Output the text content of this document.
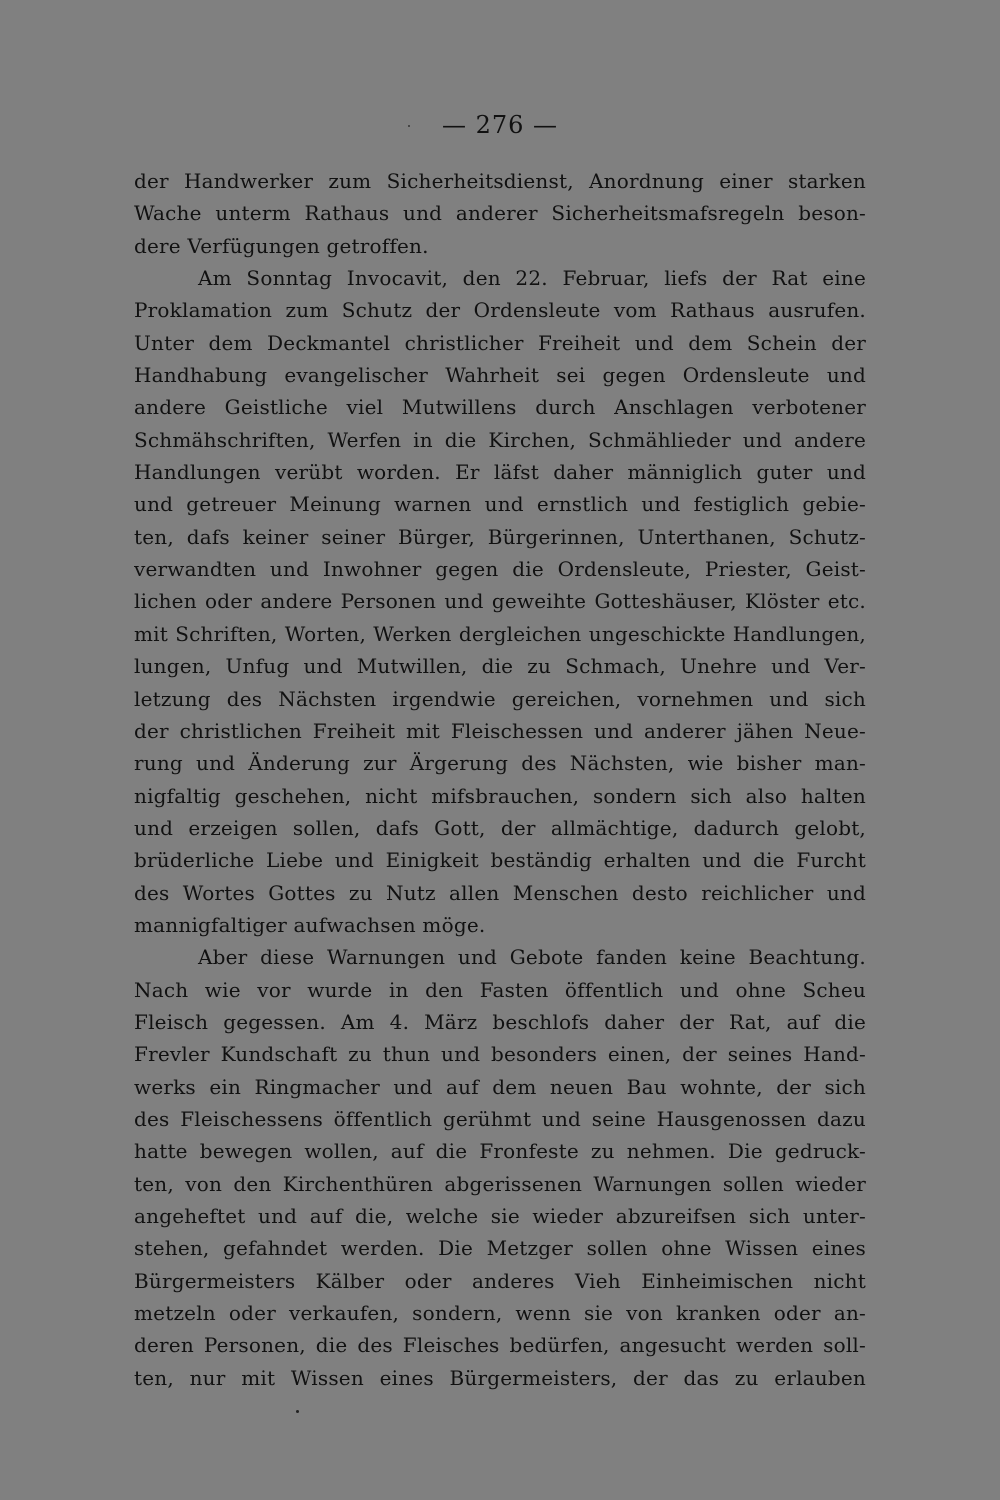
— 276 —
der Handwerker zum Sicherheitsdienst, Anordnung einer starken
Wache unterm Rathaus und anderer Sicherheitsmafsregeln beson-
dere Verfügungen getroffen.
Am Sonntag Invocavit, den 22. Februar, liefs der Rat eine
Proklamation zum Schutz der Ordensleute vom Rathaus ausrufen.
Unter dem Deckmantel christlicher Freiheit und dem Schein der
Handhabung evangelischer Wahrheit sei gegen Ordensleute und
andere Geistliche viel Mutwillens durch Anschlagen verbotener
Schmähschriften, Werfen in die Kirchen, Schmählieder und andere
Handlungen verübt worden. Er läfst daher männiglich guter und
und getreuer Meinung warnen und ernstlich und festiglich gebie-
ten, dafs keiner seiner Bürger, Bürgerinnen, Unterthanen, Schutz-
verwandten und Inwohner gegen die Ordensleute, Priester, Geist-
lichen oder andere Personen und geweihte Gotteshäuser, Klöster etc.
mit Schriften, Worten, Werken dergleichen ungeschickte Handlungen,
lungen, Unfug und Mutwillen, die zu Schmach, Unehre und Ver-
letzung des Nächsten irgendwie gereichen, vornehmen und sich
der christlichen Freiheit mit Fleischessen und anderer jähen Neue-
rung und Änderung zur Ärgerung des Nächsten, wie bisher man-
nigfaltig geschehen, nicht mifsbrauchen, sondern sich also halten
und erzeigen sollen, dafs Gott, der allmächtige, dadurch gelobt,
brüderliche Liebe und Einigkeit beständig erhalten und die Furcht
des Wortes Gottes zu Nutz allen Menschen desto reichlicher und
mannigfaltiger aufwachsen möge.
Aber diese Warnungen und Gebote fanden keine Beachtung.
Nach wie vor wurde in den Fasten öffentlich und ohne Scheu
Fleisch gegessen. Am 4. März beschlofs daher der Rat, auf die
Frevler Kundschaft zu thun und besonders einen, der seines Hand-
werks ein Ringmacher und auf dem neuen Bau wohnte, der sich
des Fleischessens öffentlich gerühmt und seine Hausgenossen dazu
hatte bewegen wollen, auf die Fronfeste zu nehmen. Die gedruck-
ten, von den Kirchenthüren abgerissenen Warnungen sollen wieder
angeheftet und auf die, welche sie wieder abzureifsen sich unter-
stehen, gefahndet werden. Die Metzger sollen ohne Wissen eines
Bürgermeisters Kälber oder anderes Vieh Einheimischen nicht
metzeln oder verkaufen, sondern, wenn sie von kranken oder an-
deren Personen, die des Fleisches bedürfen, angesucht werden soll-
ten, nur mit Wissen eines Bürgermeisters, der das zu erlauben
